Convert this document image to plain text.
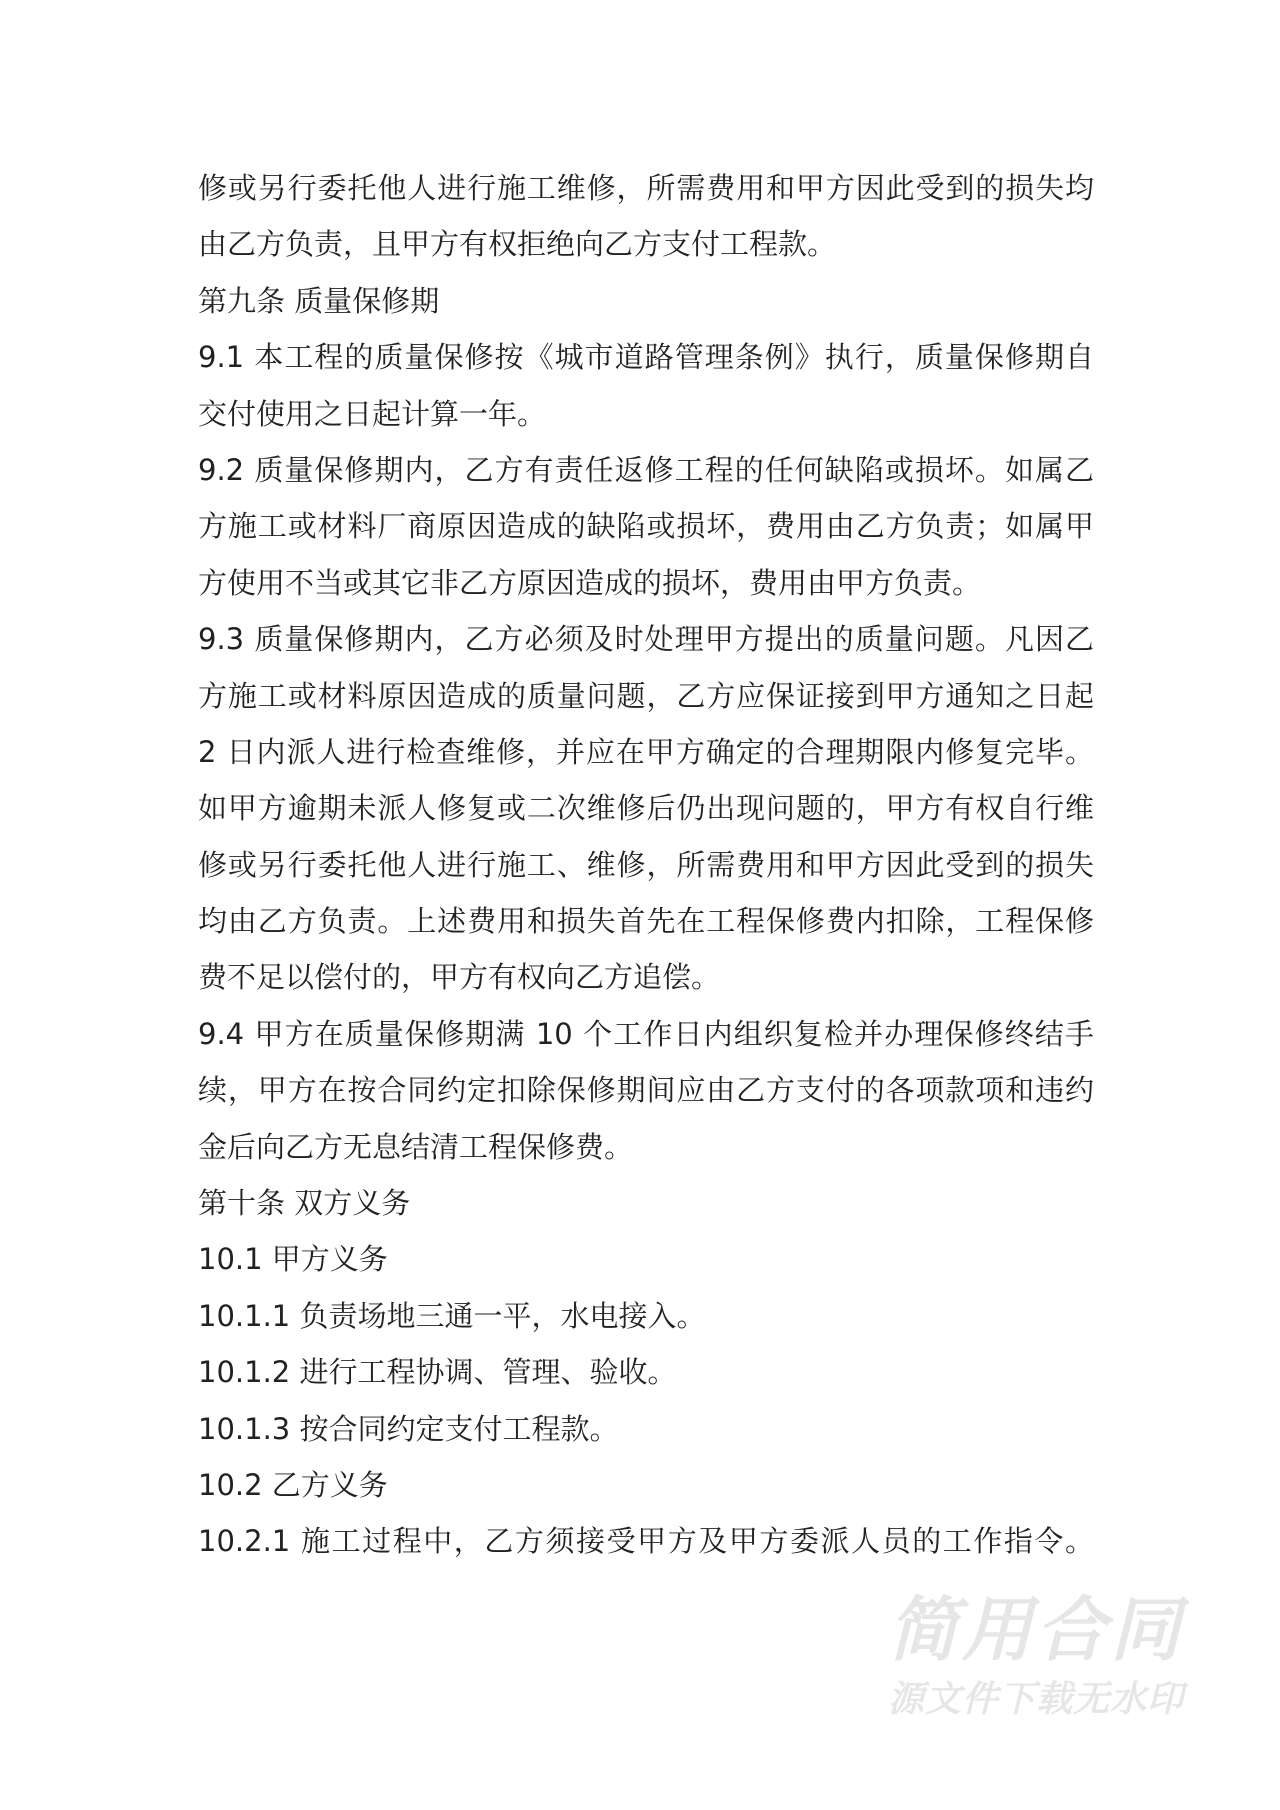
修或另行委托他人进行施工维修，所需费用和甲方因此受到的损失均
由乙方负责，且甲方有权拒绝向乙方支付工程款。
第九条 质量保修期
9.1 本工程的质量保修按《城市道路管理条例》执行，质量保修期自
交付使用之日起计算一年。
9.2 质量保修期内，乙方有责任返修工程的任何缺陷或损坏。如属乙
方施工或材料厂商原因造成的缺陷或损坏，费用由乙方负责；如属甲
方使用不当或其它非乙方原因造成的损坏，费用由甲方负责。
9.3 质量保修期内，乙方必须及时处理甲方提出的质量问题。凡因乙
方施工或材料原因造成的质量问题，乙方应保证接到甲方通知之日起
2 日内派人进行检查维修，并应在甲方确定的合理期限内修复完毕。
如甲方逾期未派人修复或二次维修后仍出现问题的，甲方有权自行维
修或另行委托他人进行施工、维修，所需费用和甲方因此受到的损失
均由乙方负责。上述费用和损失首先在工程保修费内扣除，工程保修
费不足以偿付的，甲方有权向乙方追偿。
9.4 甲方在质量保修期满 10 个工作日内组织复检并办理保修终结手
续，甲方在按合同约定扣除保修期间应由乙方支付的各项款项和违约
金后向乙方无息结清工程保修费。
第十条 双方义务
10.1 甲方义务
10.1.1 负责场地三通一平，水电接入。
10.1.2 进行工程协调、管理、验收。
10.1.3 按合同约定支付工程款。
10.2 乙方义务
10.2.1 施工过程中，乙方须接受甲方及甲方委派人员的工作指令。
简用合同
源文件下载无水印
